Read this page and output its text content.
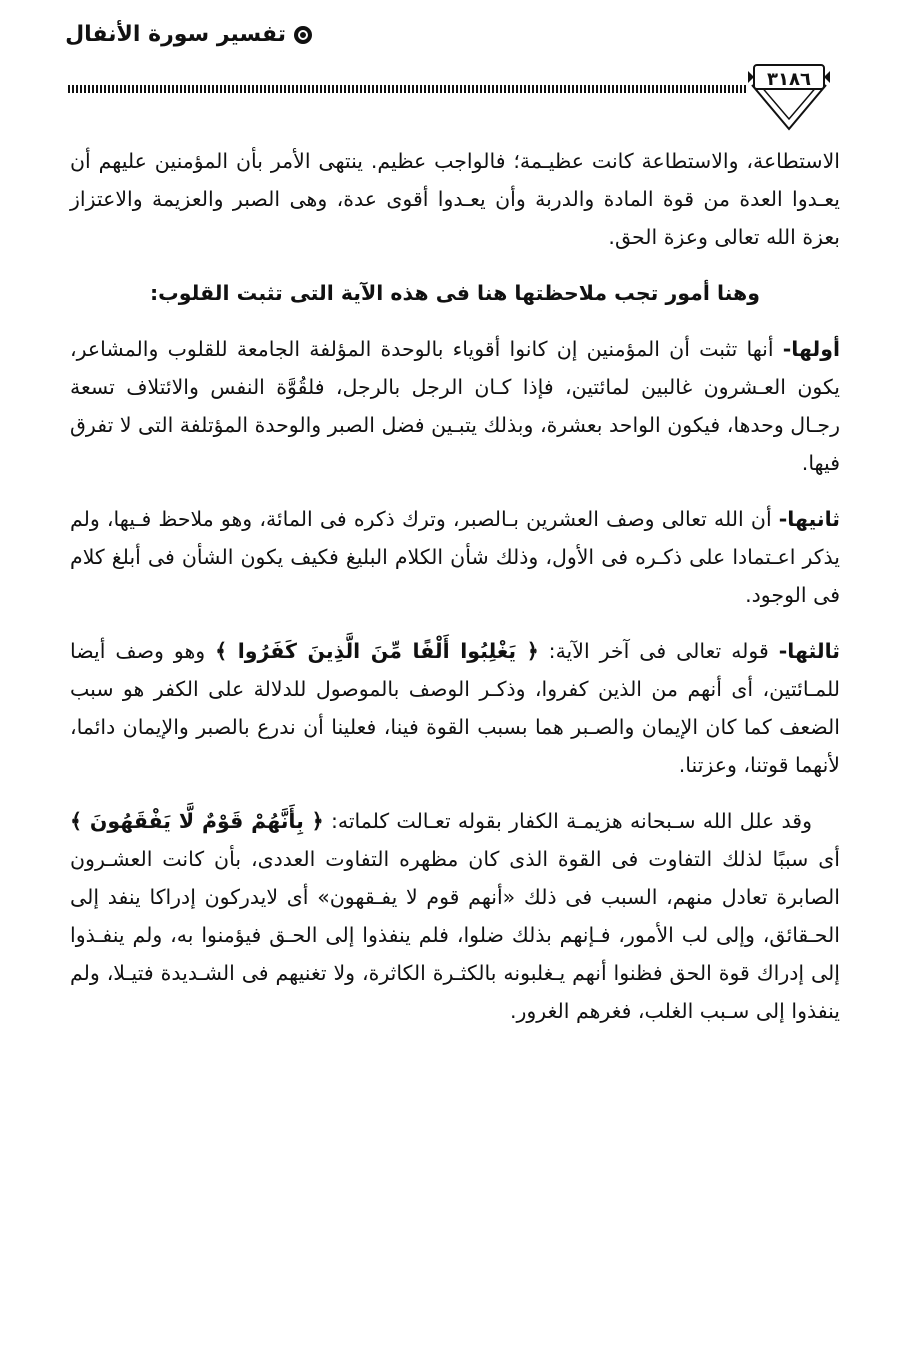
تفسير سورة الأنفال
٣١٨٦

الاستطاعة، والاستطاعة كانت عظيـمة؛ فالواجب عظيم. ينتهى الأمر بأن المؤمنين عليهم أن يعـدوا العدة من قوة المادة والدربة وأن يعـدوا أقوى عدة، وهى الصبر والعزيمة والاعتزاز بعزة الله تعالى وعزة الحق.

وهنا أمور تجب ملاحظتها هنا فى هذه الآية التى تثبت القلوب:

أولها- أنها تثبت أن المؤمنين إن كانوا أقوياء بالوحدة المؤلفة الجامعة للقلوب والمشاعر، يكون العـشرون غالبين لمائتين، فإذا كـان الرجل بالرجل، فلقُوَّة النفس والائتلاف تسعة رجـال وحدها، فيكون الواحد بعشرة، وبذلك يتبـين فضل الصبر والوحدة المؤتلفة التى لا تفرق فيها.

ثانيها- أن الله تعالى وصف العشرين بـالصبر، وترك ذكره فى المائة، وهو ملاحظ فـيها، ولم يذكر اعـتمادا على ذكـره فى الأول، وذلك شأن الكلام البليغ فكيف يكون الشأن فى أبلغ كلام فى الوجود.

ثالثها- قوله تعالى فى آخر الآية: ﴿ يَغْلِبُوا أَلْفًا مِّنَ الَّذِينَ كَفَرُوا ﴾ وهو وصف أيضا للمـائتين، أى أنهم من الذين كفروا، وذكـر الوصف بالموصول للدلالة على الكفر هو سبب الضعف كما كان الإيمان والصـبر هما بسبب القوة فينا، فعلينا أن ندرع بالصبر والإيمان دائما، لأنهما قوتنا، وعزتنا.

وقد علل الله سـبحانه هزيمـة الكفار بقوله تعـالت كلماته: ﴿ بِأَنَّهُمْ قَوْمٌ لَّا يَفْقَهُونَ ﴾ أى سببًا لذلك التفاوت فى القوة الذى كان مظهره التفاوت العددى، بأن كانت العشـرون الصابرة تعادل منهم، السبب فى ذلك «أنهم قوم لا يفـقهون» أى لايدركون إدراكا ينفد إلى الحـقائق، وإلى لب الأمور، فـإنهم بذلك ضلوا، فلم ينفذوا إلى الحـق فيؤمنوا به، ولم ينفـذوا إلى إدراك قوة الحق فظنوا أنهم يـغلبونه بالكثـرة الكاثرة، ولا تغنيهم فى الشـديدة فتيـلا، ولم ينفذوا إلى سـبب الغلب، فغرهم الغرور.
